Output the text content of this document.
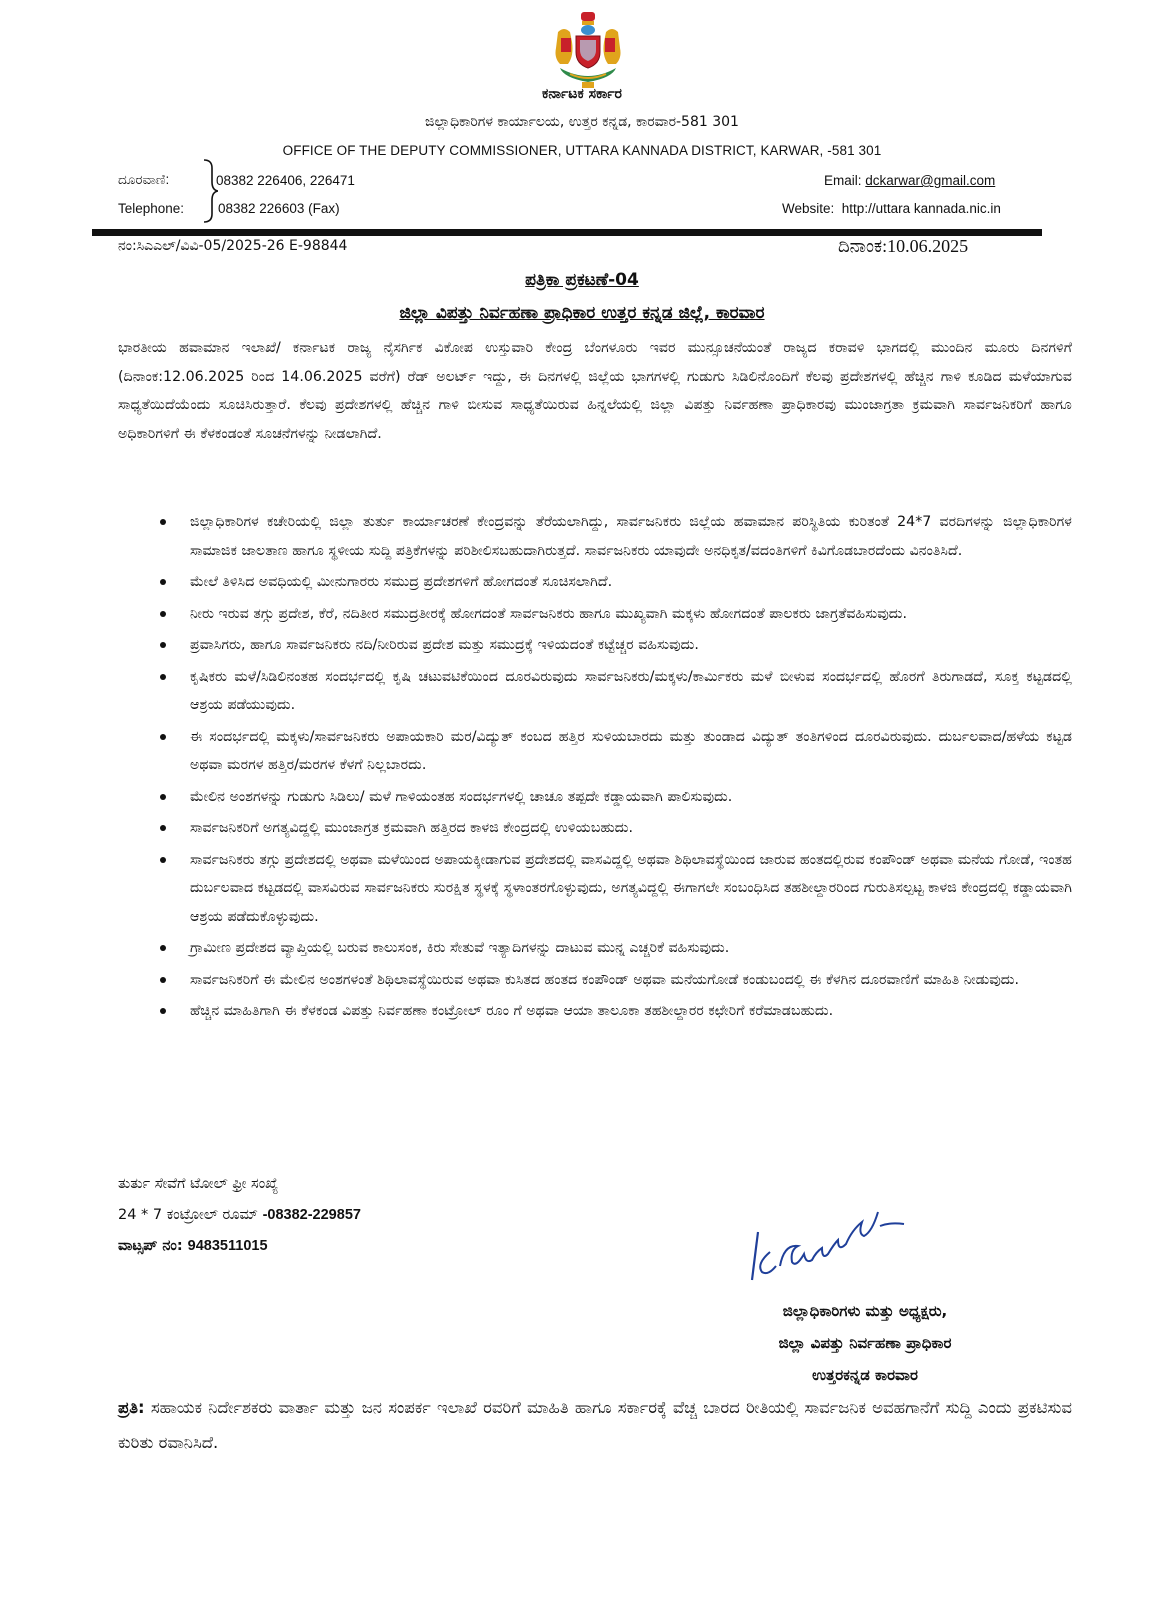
ಕರ್ನಾಟಕ ಸರ್ಕಾರ
ಜಿಲ್ಲಾಧಿಕಾರಿಗಳ ಕಾರ್ಯಾಲಯ, ಉತ್ತರ ಕನ್ನಡ, ಕಾರವಾರ-581 301
OFFICE OF THE DEPUTY COMMISSIONER, UTTARA KANNADA DISTRICT, KARWAR, -581 301
ದೂರವಾಣಿ:
Telephone:
08382 226406, 226471
08382 226603 (Fax)
Email: dckarwar@gmail.com
Website: http://uttara kannada.nic.in
ನಂ:ಸಿಎಎಲ್/ವಿವಿ-05/2025-26 E-98844	ದಿನಾಂಕ:10.06.2025
ಪತ್ರಿಕಾ ಪ್ರಕಟಣೆ-04
ಜಿಲ್ಲಾ ವಿಪತ್ತು ನಿರ್ವಹಣಾ ಪ್ರಾಧಿಕಾರ ಉತ್ತರ ಕನ್ನಡ ಜಿಲ್ಲೆ, ಕಾರವಾರ
ಭಾರತೀಯ ಹವಾಮಾನ ಇಲಾಖೆ/ ಕರ್ನಾಟಕ ರಾಜ್ಯ ನೈಸರ್ಗಿಕ ವಿಕೋಪ ಉಸ್ತುವಾರಿ ಕೇಂದ್ರ ಬೆಂಗಳೂರು ಇವರ ಮುನ್ಸೂಚನೆಯಂತೆ ರಾಜ್ಯದ ಕರಾವಳಿ ಭಾಗದಲ್ಲಿ ಮುಂದಿನ ಮೂರು ದಿನಗಳಿಗೆ (ದಿನಾಂಕ:12.06.2025 ರಿಂದ 14.06.2025 ವರೆಗೆ) ರೆಡ್ ಅಲರ್ಟ್ ಇದ್ದು, ಈ ದಿನಗಳಲ್ಲಿ ಜಿಲ್ಲೆಯ ಭಾಗಗಳಲ್ಲಿ ಗುಡುಗು ಸಿಡಿಲಿನೊಂದಿಗೆ ಕೆಲವು ಪ್ರದೇಶಗಳಲ್ಲಿ ಹೆಚ್ಚಿನ ಗಾಳಿ ಕೂಡಿದ ಮಳೆಯಾಗುವ ಸಾಧ್ಯತೆಯಿದೆಯೆಂದು ಸೂಚಿಸಿರುತ್ತಾರೆ. ಕೆಲವು ಪ್ರದೇಶಗಳಲ್ಲಿ ಹೆಚ್ಚಿನ ಗಾಳಿ ಬೀಸುವ ಸಾಧ್ಯತೆಯಿರುವ ಹಿನ್ನಲೆಯಲ್ಲಿ ಜಿಲ್ಲಾ ವಿಪತ್ತು ನಿರ್ವಹಣಾ ಪ್ರಾಧಿಕಾರವು ಮುಂಜಾಗ್ರತಾ ಕ್ರಮವಾಗಿ ಸಾರ್ವಜನಿಕರಿಗೆ ಹಾಗೂ ಅಧಿಕಾರಿಗಳಿಗೆ ಈ ಕೆಳಕಂಡಂತೆ ಸೂಚನೆಗಳನ್ನು ನೀಡಲಾಗಿದೆ.
ಜಿಲ್ಲಾಧಿಕಾರಿಗಳ ಕಚೇರಿಯಲ್ಲಿ ಜಿಲ್ಲಾ ತುರ್ತು ಕಾರ್ಯಾಚರಣೆ ಕೇಂದ್ರವನ್ನು ತೆರೆಯಲಾಗಿದ್ದು, ಸಾರ್ವಜನಿಕರು ಜಿಲ್ಲೆಯ ಹವಾಮಾನ ಪರಿಸ್ಥಿತಿಯ ಕುರಿತಂತೆ 24*7 ವರದಿಗಳನ್ನು ಜಿಲ್ಲಾಧಿಕಾರಿಗಳ ಸಾಮಾಜಿಕ ಜಾಲತಾಣ ಹಾಗೂ ಸ್ಥಳೀಯ ಸುದ್ದಿ ಪತ್ರಿಕೆಗಳನ್ನು ಪರಿಶೀಲಿಸಬಹುದಾಗಿರುತ್ತದೆ. ಸಾರ್ವಜನಿಕರು ಯಾವುದೇ ಅನಧಿಕೃತ/ವದಂತಿಗಳಿಗೆ ಕಿವಿಗೊಡಬಾರದೆಂದು ವಿನಂತಿಸಿದೆ.
ಮೇಲೆ ತಿಳಿಸಿದ ಅವಧಿಯಲ್ಲಿ ಮೀನುಗಾರರು ಸಮುದ್ರ ಪ್ರದೇಶಗಳಿಗೆ ಹೋಗದಂತೆ ಸೂಚಿಸಲಾಗಿದೆ.
ನೀರು ಇರುವ ತಗ್ಗು ಪ್ರದೇಶ, ಕೆರೆ, ನದಿತೀರ ಸಮುದ್ರತೀರಕ್ಕೆ ಹೋಗದಂತೆ ಸಾರ್ವಜನಿಕರು ಹಾಗೂ ಮುಖ್ಯವಾಗಿ ಮಕ್ಕಳು ಹೋಗದಂತೆ ಪಾಲಕರು ಜಾಗ್ರತೆವಹಿಸುವುದು.
ಪ್ರವಾಸಿಗರು, ಹಾಗೂ ಸಾರ್ವಜನಿಕರು ನದಿ/ನೀರಿರುವ ಪ್ರದೇಶ ಮತ್ತು ಸಮುದ್ರಕ್ಕೆ ಇಳಿಯದಂತೆ ಕಟ್ಟೆಚ್ಚರ ವಹಿಸುವುದು.
ಕೃಷಿಕರು ಮಳೆ/ಸಿಡಿಲಿನಂತಹ ಸಂದರ್ಭದಲ್ಲಿ ಕೃಷಿ ಚಟುವಟಿಕೆಯಿಂದ ದೂರವಿರುವುದು ಸಾರ್ವಜನಿಕರು/ಮಕ್ಕಳು/ಕಾರ್ಮಿಕರು ಮಳೆ ಬೀಳುವ ಸಂದರ್ಭದಲ್ಲಿ ಹೊರಗೆ ತಿರುಗಾಡದೆ, ಸೂಕ್ತ ಕಟ್ಟಡದಲ್ಲಿ ಆಶ್ರಯ ಪಡೆಯುವುದು.
ಈ ಸಂದರ್ಭದಲ್ಲಿ ಮಕ್ಕಳು/ಸಾರ್ವಜನಿಕರು ಅಪಾಯಕಾರಿ ಮರ/ವಿದ್ಯುತ್ ಕಂಬದ ಹತ್ತಿರ ಸುಳಿಯಬಾರದು ಮತ್ತು ತುಂಡಾದ ವಿದ್ಯುತ್ ತಂತಿಗಳಿಂದ ದೂರವಿರುವುದು. ದುರ್ಬಲವಾದ/ಹಳೆಯ ಕಟ್ಟಡ ಅಥವಾ ಮರಗಳ ಹತ್ತಿರ/ಮರಗಳ ಕೆಳಗೆ ನಿಲ್ಲಬಾರದು.
ಮೇಲಿನ ಅಂಶಗಳನ್ನು ಗುಡುಗು ಸಿಡಿಲು/ ಮಳೆ ಗಾಳಿಯಂತಹ ಸಂದರ್ಭಗಳಲ್ಲಿ ಚಾಚೂ ತಪ್ಪದೇ ಕಡ್ಡಾಯವಾಗಿ ಪಾಲಿಸುವುದು.
ಸಾರ್ವಜನಿಕರಿಗೆ ಅಗತ್ಯವಿದ್ದಲ್ಲಿ ಮುಂಜಾಗ್ರತ ಕ್ರಮವಾಗಿ ಹತ್ತಿರದ ಕಾಳಜಿ ಕೇಂದ್ರದಲ್ಲಿ ಉಳಿಯಬಹುದು.
ಸಾರ್ವಜನಿಕರು ತಗ್ಗು ಪ್ರದೇಶದಲ್ಲಿ ಅಥವಾ ಮಳೆಯಿಂದ ಅಪಾಯಕ್ಕೀಡಾಗುವ ಪ್ರದೇಶದಲ್ಲಿ ವಾಸವಿದ್ದಲ್ಲಿ ಅಥವಾ ಶಿಥಿಲಾವಸ್ಥೆಯಿಂದ ಜಾರುವ ಹಂತದಲ್ಲಿರುವ ಕಂಪೌಂಡ್ ಅಥವಾ ಮನೆಯ ಗೋಡೆ, ಇಂತಹ ದುರ್ಬಲವಾದ ಕಟ್ಟಡದಲ್ಲಿ ವಾಸವಿರುವ ಸಾರ್ವಜನಿಕರು ಸುರಕ್ಷಿತ ಸ್ಥಳಕ್ಕೆ ಸ್ಥಳಾಂತರಗೊಳ್ಳುವುದು, ಅಗತ್ಯವಿದ್ದಲ್ಲಿ ಈಗಾಗಲೇ ಸಂಬಂಧಿಸಿದ ತಹಶೀಲ್ದಾರರಿಂದ ಗುರುತಿಸಲ್ಪಟ್ಟ ಕಾಳಜಿ ಕೇಂದ್ರದಲ್ಲಿ ಕಡ್ಡಾಯವಾಗಿ ಆಶ್ರಯ ಪಡೆದುಕೊಳ್ಳುವುದು.
ಗ್ರಾಮೀಣ ಪ್ರದೇಶದ ವ್ಯಾಪ್ತಿಯಲ್ಲಿ ಬರುವ ಕಾಲುಸಂಕ, ಕಿರು ಸೇತುವೆ ಇತ್ಯಾದಿಗಳನ್ನು ದಾಟುವ ಮುನ್ನ ಎಚ್ಚರಿಕೆ ವಹಿಸುವುದು.
ಸಾರ್ವಜನಿಕರಿಗೆ ಈ ಮೇಲಿನ ಅಂಶಗಳಂತೆ ಶಿಥಿಲಾವಸ್ಥೆಯಿರುವ ಅಥವಾ ಕುಸಿತದ ಹಂತದ ಕಂಪೌಂಡ್ ಅಥವಾ ಮನೆಯಗೋಡೆ ಕಂಡುಬಂದಲ್ಲಿ ಈ ಕೆಳಗಿನ ದೂರವಾಣಿಗೆ ಮಾಹಿತಿ ನೀಡುವುದು.
ಹೆಚ್ಚಿನ ಮಾಹಿತಿಗಾಗಿ ಈ ಕೆಳಕಂಡ ವಿಪತ್ತು ನಿರ್ವಹಣಾ ಕಂಟ್ರೋಲ್ ರೂಂ ಗೆ ಅಥವಾ ಆಯಾ ತಾಲೂಕಾ ತಹಶೀಲ್ದಾರರ ಕಛೇರಿಗೆ ಕರೆಮಾಡಬಹುದು.
ತುರ್ತು ಸೇವೆಗೆ ಟೋಲ್ ಫ್ರೀ ಸಂಖ್ಯೆ
24 * 7 ಕಂಟ್ರೋಲ್ ರೂಮ್ -08382-229857
ವಾಟ್ಸಪ್ ನಂ: 9483511015
ಜಿಲ್ಲಾಧಿಕಾರಿಗಳು ಮತ್ತು ಅಧ್ಯಕ್ಷರು,
ಜಿಲ್ಲಾ ವಿಪತ್ತು ನಿರ್ವಹಣಾ ಪ್ರಾಧಿಕಾರ
ಉತ್ತರಕನ್ನಡ ಕಾರವಾರ
ಪ್ರತಿ: ಸಹಾಯಕ ನಿರ್ದೇಶಕರು ವಾರ್ತಾ ಮತ್ತು ಜನ ಸಂಪರ್ಕ ಇಲಾಖೆ ರವರಿಗೆ ಮಾಹಿತಿ ಹಾಗೂ ಸರ್ಕಾರಕ್ಕೆ ವೆಚ್ಚ ಬಾರದ ರೀತಿಯಲ್ಲಿ ಸಾರ್ವಜನಿಕ ಅವಹಗಾನೆಗೆ ಸುದ್ದಿ ಎಂದು ಪ್ರಕಟಿಸುವ ಕುರಿತು ರವಾನಿಸಿದೆ.
